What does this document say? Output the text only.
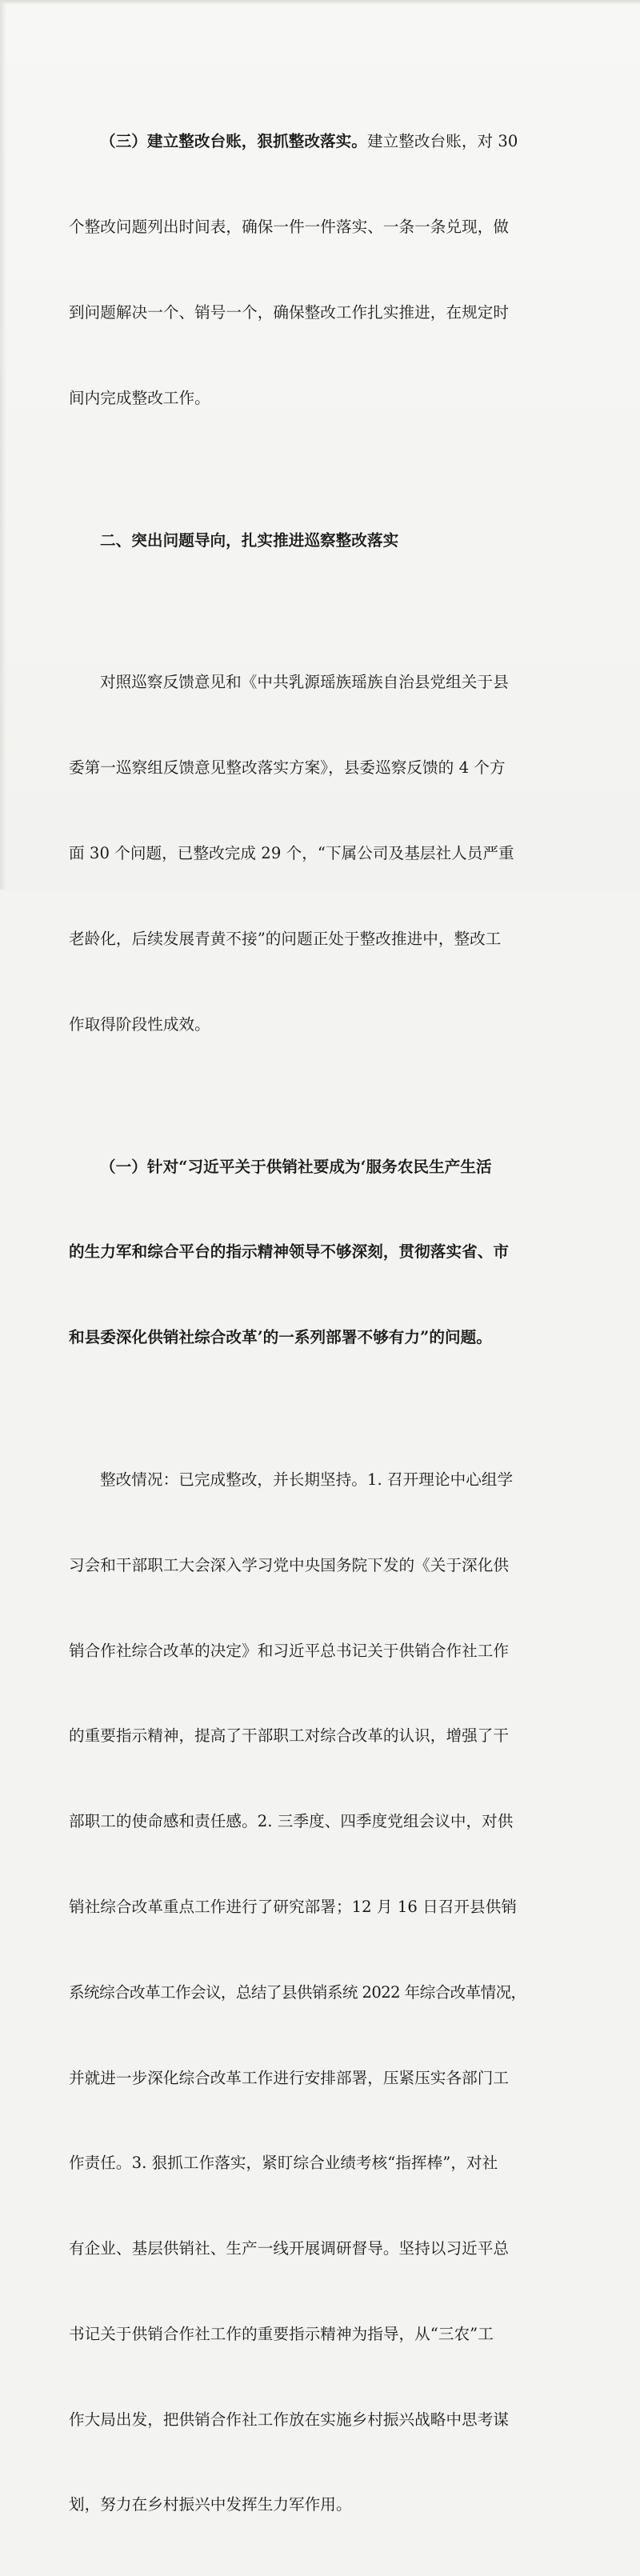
（三）建立整改台账，狠抓整改落实。建立整改台账，对 30

个整改问题列出时间表，确保一件一件落实、一条一条兑现，做

到问题解决一个、销号一个，确保整改工作扎实推进，在规定时

间内完成整改工作。

二、突出问题导向，扎实推进巡察整改落实

对照巡察反馈意见和《中共乳源瑶族瑶族自治县党组关于县

委第一巡察组反馈意见整改落实方案》，县委巡察反馈的 4 个方

面 30 个问题，已整改完成 29 个，“下属公司及基层社人员严重

老龄化，后续发展青黄不接”的问题正处于整改推进中，整改工

作取得阶段性成效。

（一）针对“习近平关于供销社要成为‘服务农民生产生活

的生力军和综合平台的指示精神领导不够深刻，贯彻落实省、市

和县委深化供销社综合改革’的一系列部署不够有力”的问题。

整改情况：已完成整改，并长期坚持。1. 召开理论中心组学

习会和干部职工大会深入学习党中央国务院下发的《关于深化供

销合作社综合改革的决定》和习近平总书记关于供销合作社工作

的重要指示精神，提高了干部职工对综合改革的认识，增强了干

部职工的使命感和责任感。2. 三季度、四季度党组会议中，对供

销社综合改革重点工作进行了研究部署；12 月 16 日召开县供销

系统综合改革工作会议，总结了县供销系统 2022 年综合改革情况，

并就进一步深化综合改革工作进行安排部署，压紧压实各部门工

作责任。3. 狠抓工作落实，紧盯综合业绩考核“指挥棒”，对社

有企业、基层供销社、生产一线开展调研督导。坚持以习近平总

书记关于供销合作社工作的重要指示精神为指导，从“三农”工

作大局出发，把供销合作社工作放在实施乡村振兴战略中思考谋

划，努力在乡村振兴中发挥生力军作用。
